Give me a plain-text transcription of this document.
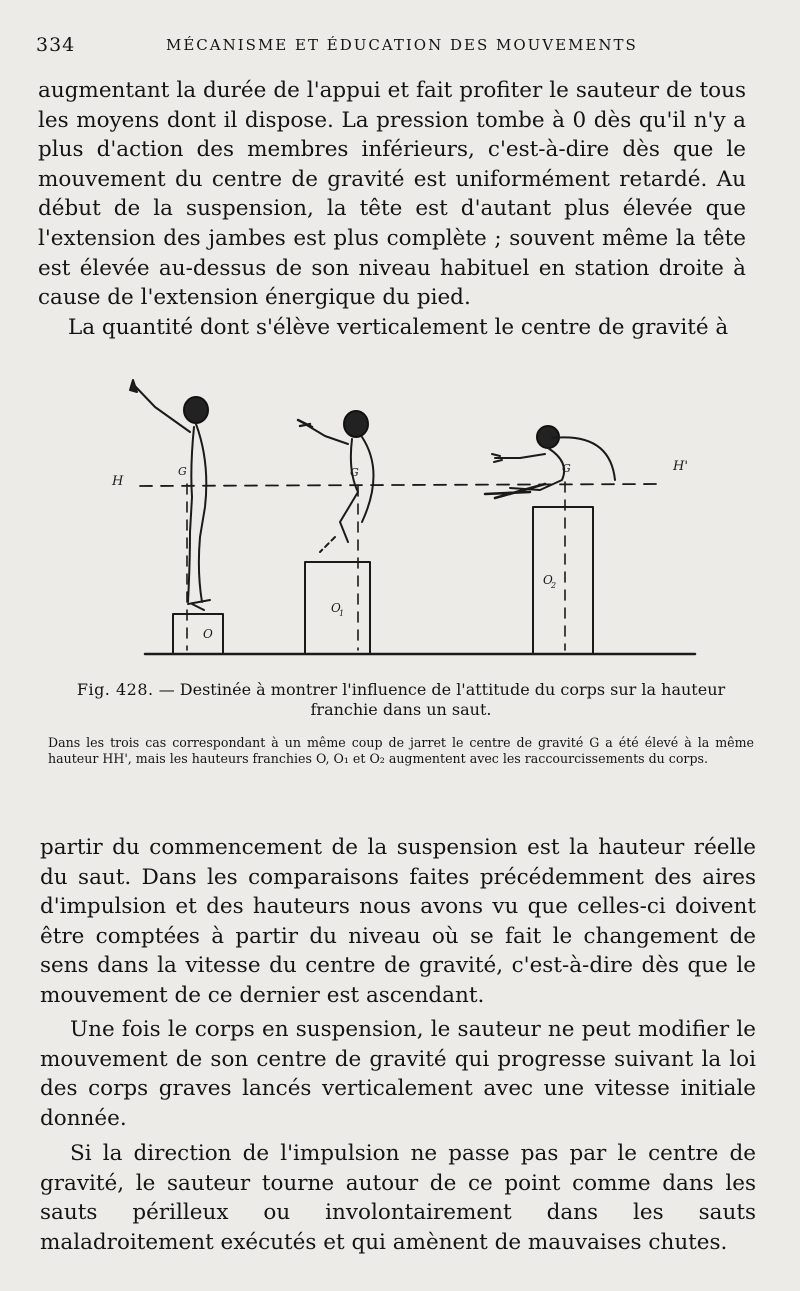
334	MÉCANISME ET ÉDUCATION DES MOUVEMENTS

augmentant la durée de l'appui et fait profiter le sauteur de tous les moyens dont il dispose. La pression tombe à 0 dès qu'il n'y a plus d'action des membres inférieurs, c'est-à-dire dès que le mouvement du centre de gravité est uniformément retardé. Au début de la suspension, la tête est d'autant plus élevée que l'extension des jambes est plus complète ; souvent même la tête est élevée au-dessus de son niveau habituel en station droite à cause de l'extension énergique du pied.

La quantité dont s'élève verticalement le centre de gravité à

H
H'
G	G	G
O
O
1
O
2

Fig. 428. — Destinée à montrer l'influence de l'attitude du corps sur la hauteur franchie dans un saut.

Dans les trois cas correspondant à un même coup de jarret le centre de gravité G a été élevé à la même hauteur HH', mais les hauteurs franchies O, O₁ et O₂ augmentent avec les raccourcissements du corps.

partir du commencement de la suspension est la hauteur réelle du saut. Dans les comparaisons faites précédemment des aires d'impulsion et des hauteurs nous avons vu que celles-ci doivent être comptées à partir du niveau où se fait le changement de sens dans la vitesse du centre de gravité, c'est-à-dire dès que le mouvement de ce dernier est ascendant.

Une fois le corps en suspension, le sauteur ne peut modifier le mouvement de son centre de gravité qui progresse suivant la loi des corps graves lancés verticalement avec une vitesse initiale donnée.

Si la direction de l'impulsion ne passe pas par le centre de gravité, le sauteur tourne autour de ce point comme dans les sauts périlleux ou involontairement dans les sauts maladroitement exécutés et qui amènent de mauvaises chutes.
